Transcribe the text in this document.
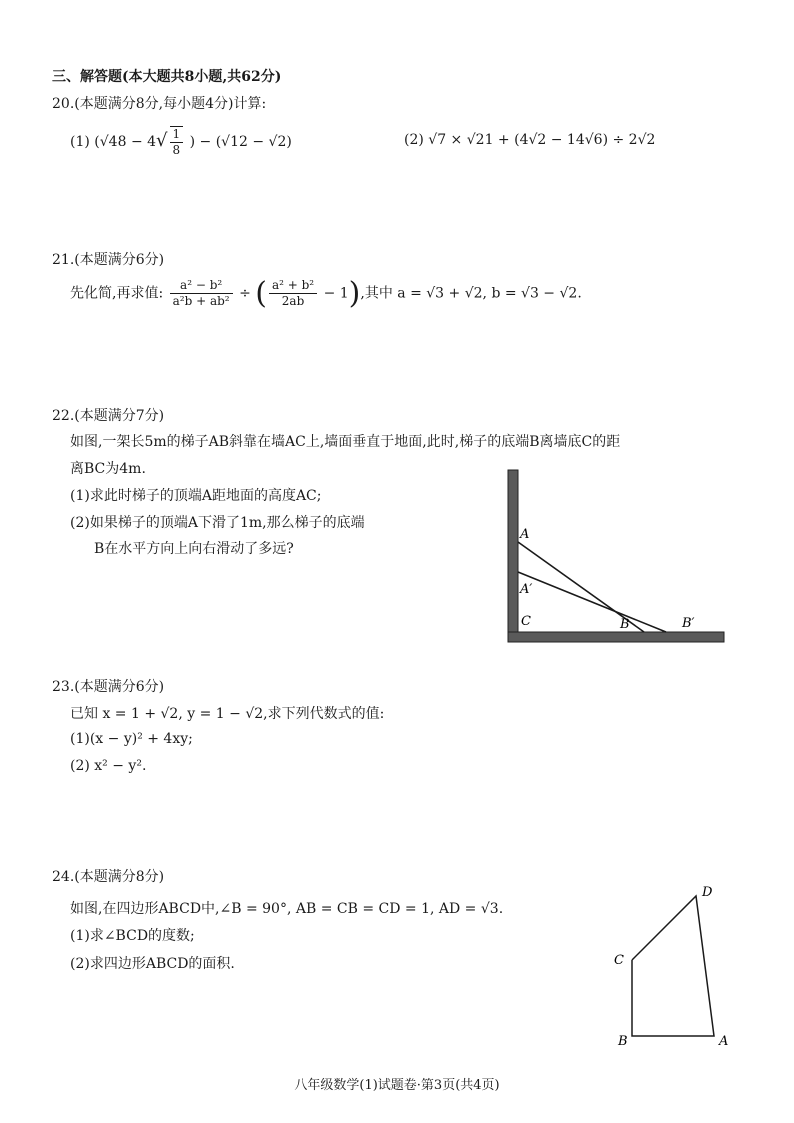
三、解答题(本大题共8小题,共62分)
20.(本题满分8分,每小题4分)计算:
(1) ($√48 - 4√ \frac{1}{8}$ ) − (√12 − √2)	(2) √7 × √21 + (4√2 − 14√6) ÷ 2√2
21.(本题满分6分)
先化简,再求值: $\frac{\text{a² − b²}}{\text{a²b + ab²}}$ ÷ ( $\frac{\text{a² + b²}}{2ab} - 1$),其中 a = √3 + √2, b = √3 − √2.
22.(本题满分7分)
如图,一架长5m的梯子AB斜靠在墙AC上,墙面垂直于地面,此时,梯子的底端B离墙底C的距
离BC为4m.
(1)求此时梯子的顶端A距地面的高度AC;
(2)如果梯子的顶端A下滑了1m,那么梯子的底端
B在水平方向上向右滑动了多远?
A
A′
C	B	B′
23.(本题满分6分)
已知 x = 1 + √2, y = 1 − √2,求下列代数式的值:
(1)(x − y)² + 4xy;
(2) x² − y².
24.(本题满分8分)
如图,在四边形ABCD中,∠B = 90°, AB = CB = CD = 1, AD = √3.
(1)求∠BCD的度数;
(2)求四边形ABCD的面积.	C
D
B	A
八年级数学(1)试题卷·第3页(共4页)
